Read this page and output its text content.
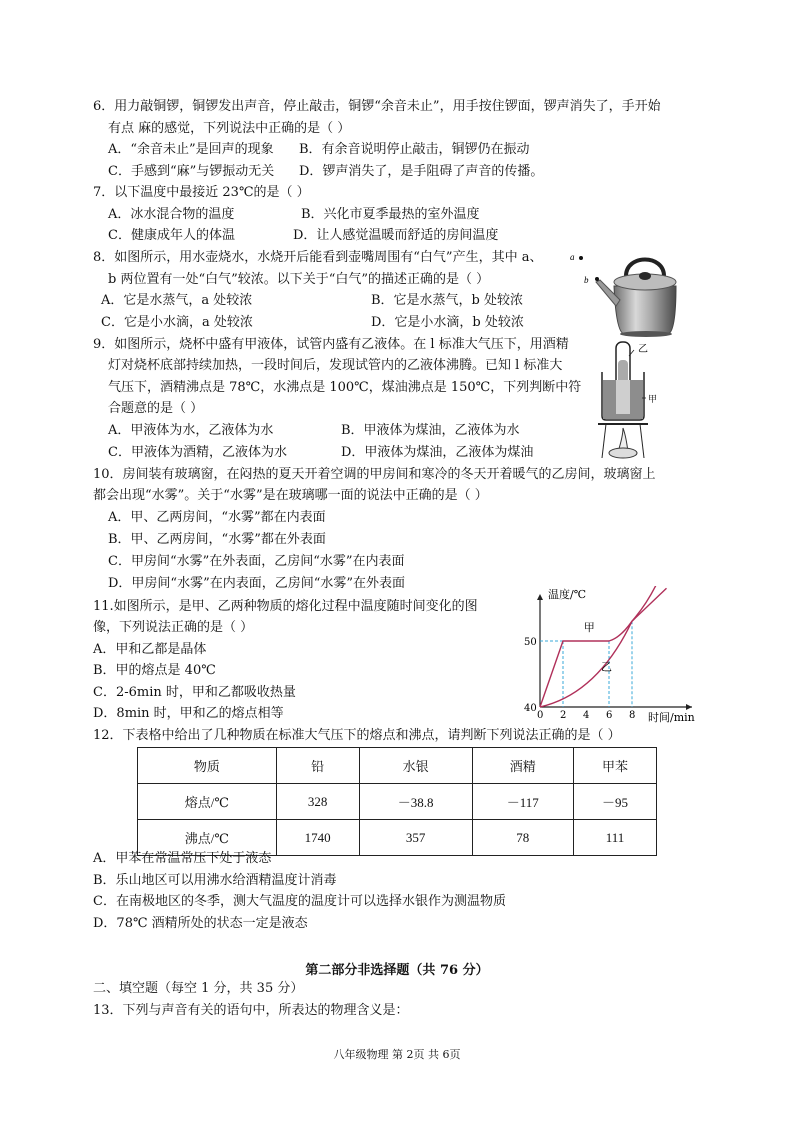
6．用力敲铜锣，铜锣发出声音，停止敲击，铜锣“余音未止”，用手按住锣面，锣声消失了，手开始
有点 麻的感觉，下列说法中正确的是（ ）
A．“余音未止”是回声的现象 B．有余音说明停止敲击，铜锣仍在振动
C．手感到“麻”与锣振动无关 D．锣声消失了，是手阻碍了声音的传播。
7．以下温度中最接近 23℃的是（ ）
A．冰水混合物的温度	B．兴化市夏季最热的室外温度
C．健康成年人的体温	D．让人感觉温暖而舒适的房间温度
8．如图所示，用水壶烧水，水烧开后能看到壶嘴周围有“白气”产生，其中 a、
b 两位置有一处“白气”较浓。以下关于“白气”的描述正确的是（ ）
A．它是水蒸气，a 处较浓	B．它是水蒸气，b 处较浓
C．它是小水滴，a 处较浓	D．它是小水滴，b 处较浓
a
b
9．如图所示，烧杯中盛有甲液体，试管内盛有乙液体。在 l 标准大气压下，用酒精
灯对烧杯底部持续加热，一段时间后，发现试管内的乙液体沸腾。已知 l 标准大
气压下，酒精沸点是 78℃，水沸点是 100℃，煤油沸点是 150℃，下列判断中符
合题意的是（ ）
A．甲液体为水，乙液体为水	B．甲液体为煤油，乙液体为水
C．甲液体为酒精，乙液体为水	D．甲液体为煤油，乙液体为煤油
乙
甲
10．房间装有玻璃窗，在闷热的夏天开着空调的甲房间和寒冷的冬天开着暖气的乙房间，玻璃窗上
都会出现“水雾”。关于“水雾”是在玻璃哪一面的说法中正确的是（ ）
A．甲、乙两房间，“水雾”都在内表面
B．甲、乙两房间，“水雾”都在外表面
C．甲房间“水雾”在外表面，乙房间“水雾”在内表面
D．甲房间“水雾”在内表面，乙房间“水雾”在外表面
11.如图所示，是甲、乙两种物质的熔化过程中温度随时间变化的图
像，下列说法正确的是（ ）
A．甲和乙都是晶体
B．甲的熔点是 40℃
C．2-6min 时，甲和乙都吸收热量
D．8min 时，甲和乙的熔点相等
温度/℃
时间/min
0 2 4 6 8
40
50
甲
乙
12．下表格中给出了几种物质在标准大气压下的熔点和沸点，请判断下列说法正确的是（ ）
物质	铅	水银	酒精	甲苯
熔点/℃	328	－38.8	－117	－95
沸点/℃	1740	357	78	111
A．甲苯在常温常压下处于液态
B．乐山地区可以用沸水给酒精温度计消毒
C．在南极地区的冬季，测大气温度的温度计可以选择水银作为测温物质
D．78℃ 酒精所处的状态一定是液态
第二部分非选择题（共 76 分）
二、填空题（每空 1 分，共 35 分）
13．下列与声音有关的语句中，所表达的物理含义是：
八年级物理 第 2页 共 6页
